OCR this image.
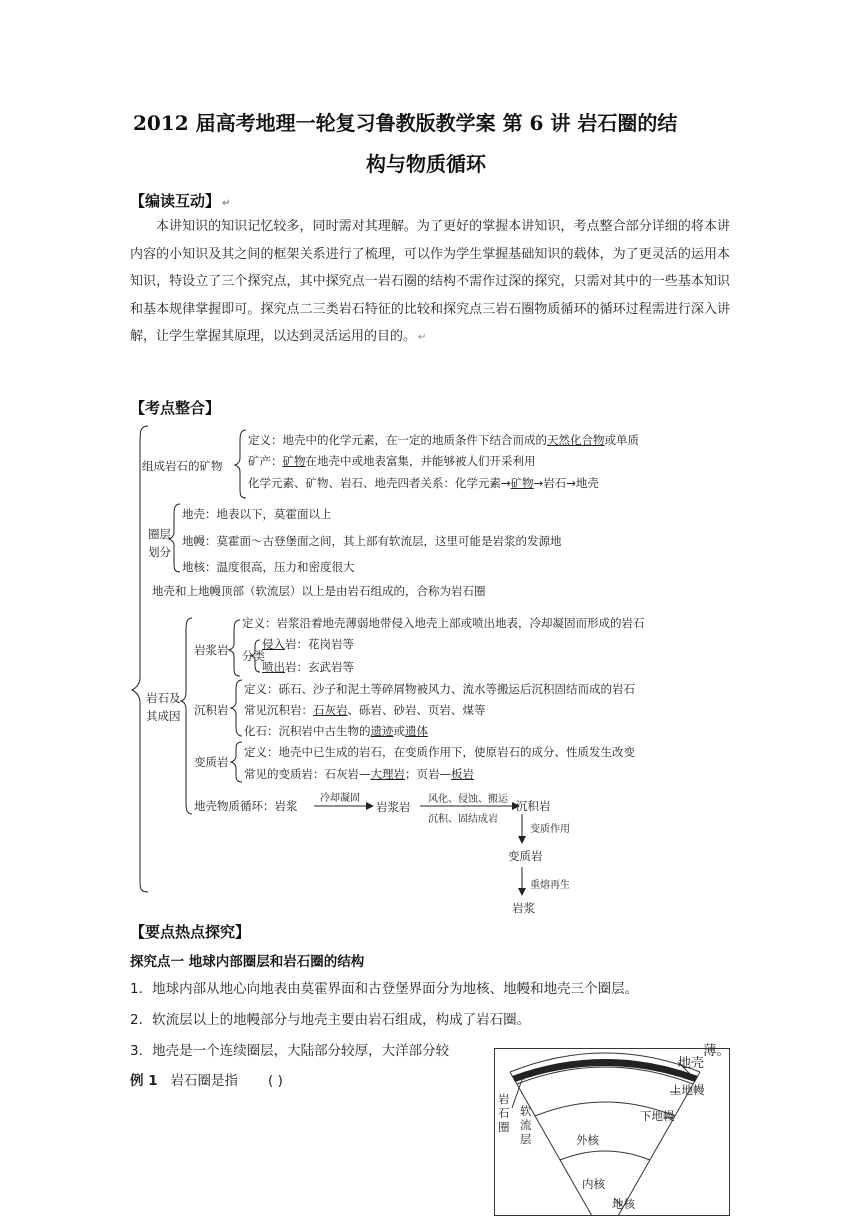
2012 届高考地理一轮复习鲁教版教学案 第 6 讲 岩石圈的结
构与物质循环
【编读互动】 ↵
本讲知识的知识记忆较多，同时需对其理解。为了更好的掌握本讲知识，考点整合部分详细的将本讲内容的小知识及其之间的框架关系进行了梳理，可以作为学生掌握基础知识的载体，为了更灵活的运用本知识，特设立了三个探究点，其中探究点一岩石圈的结构不需作过深的探究，只需对其中的一些基本知识和基本规律掌握即可。探究点二三类岩石特征的比较和探究点三岩石圈物质循环的循环过程需进行深入讲解，让学生掌握其原理，以达到灵活运用的目的。 ↵
【考点整合】
组成岩石的矿物
定义：地壳中的化学元素，在一定的地质条件下结合而成的天然化合物或单质
矿产：矿物在地壳中或地表富集，并能够被人们开采利用
化学元素、矿物、岩石、地壳四者关系：化学元素→矿物→岩石→地壳
圈层
划分
地壳：地表以下，莫霍面以上
地幔：莫霍面～古登堡面之间，其上部有软流层，这里可能是岩浆的发源地
地核：温度很高，压力和密度很大
地壳和上地幔顶部（软流层）以上是由岩石组成的，合称为岩石圈
岩石及
其成因
岩浆岩
定义：岩浆沿着地壳薄弱地带侵入地壳上部或喷出地表，冷却凝固而形成的岩石
分类
侵入岩：花岗岩等
喷出岩：玄武岩等
沉积岩
定义：砾石、沙子和泥土等碎屑物被风力、流水等搬运后沉积固结而成的岩石
常见沉积岩：石灰岩、砾岩、砂岩、页岩、煤等
化石：沉积岩中古生物的遗迹或遗体
变质岩
定义：地壳中已生成的岩石，在变质作用下，使原岩石的成分、性质发生改变
常见的变质岩：石灰岩—大理岩；页岩—板岩
地壳物质循环：岩浆
冷却凝固
岩浆岩
风化、侵蚀、搬运
沉积、固结成岩
沉积岩
变质作用
变质岩
重熔再生
岩浆
【要点热点探究】
探究点一 地球内部圈层和岩石圈的结构
1．地球内部从地心向地表由莫霍界面和古登堡界面分为地核、地幔和地壳三个圈层。
2．软流层以上的地幔部分与地壳主要由岩石组成，构成了岩石圈。
3．地壳是一个连续圈层，大陆部分较厚，大洋部分较	薄。
例 1 岩石圈是指 ( )
地壳
上地幔
下地幔
岩石圈
软流层	外核
内核
地核
